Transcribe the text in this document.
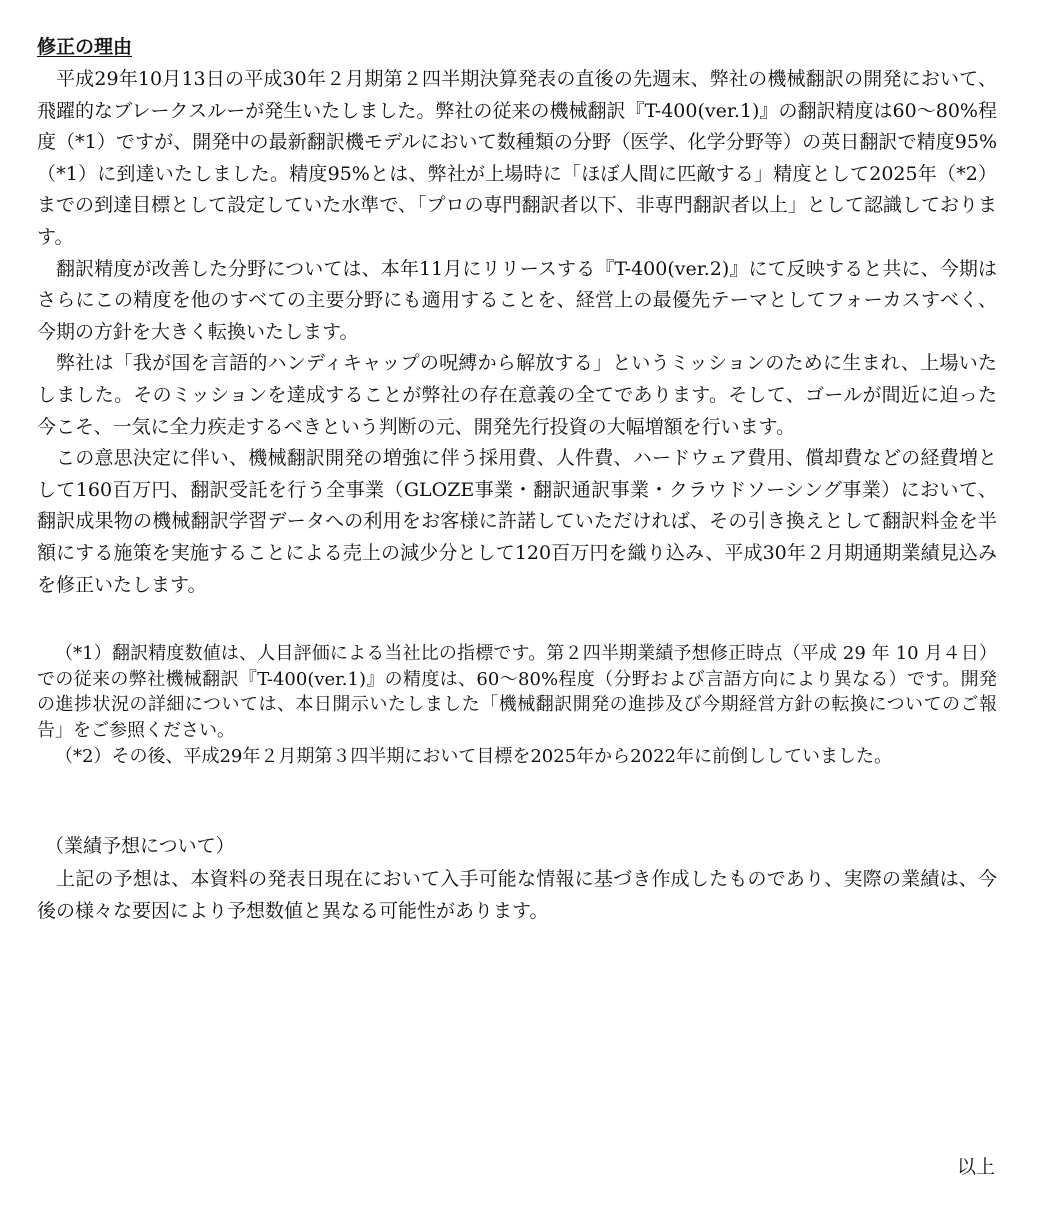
修正の理由

平成29年10月13日の平成30年２月期第２四半期決算発表の直後の先週末、弊社の機械翻訳の開発において、飛躍的なブレークスルーが発生いたしました。弊社の従来の機械翻訳『T-400(ver.1)』の翻訳精度は60～80%程度（*1）ですが、開発中の最新翻訳機モデルにおいて数種類の分野（医学、化学分野等）の英日翻訳で精度95%（*1）に到達いたしました。精度95%とは、弊社が上場時に「ほぼ人間に匹敵する」精度として2025年（*2）までの到達目標として設定していた水準で、「プロの専門翻訳者以下、非専門翻訳者以上」として認識しております。

翻訳精度が改善した分野については、本年11月にリリースする『T-400(ver.2)』にて反映すると共に、今期はさらにこの精度を他のすべての主要分野にも適用することを、経営上の最優先テーマとしてフォーカスすべく、今期の方針を大きく転換いたします。

弊社は「我が国を言語的ハンディキャップの呪縛から解放する」というミッションのために生まれ、上場いたしました。そのミッションを達成することが弊社の存在意義の全てであります。そして、ゴールが間近に迫った今こそ、一気に全力疾走するべきという判断の元、開発先行投資の大幅増額を行います。

この意思決定に伴い、機械翻訳開発の増強に伴う採用費、人件費、ハードウェア費用、償却費などの経費増として160百万円、翻訳受託を行う全事業（GLOZE事業・翻訳通訳事業・クラウドソーシング事業）において、翻訳成果物の機械翻訳学習データへの利用をお客様に許諾していただければ、その引き換えとして翻訳料金を半額にする施策を実施することによる売上の減少分として120百万円を織り込み、平成30年２月期通期業績見込みを修正いたします。

（*1）翻訳精度数値は、人目評価による当社比の指標です。第２四半期業績予想修正時点（平成 29 年 10 月４日）での従来の弊社機械翻訳『T-400(ver.1)』の精度は、60～80%程度（分野および言語方向により異なる）です。開発の進捗状況の詳細については、本日開示いたしました「機械翻訳開発の進捗及び今期経営方針の転換についてのご報告」をご参照ください。

（*2）その後、平成29年２月期第３四半期において目標を2025年から2022年に前倒ししていました。

（業績予想について）

上記の予想は、本資料の発表日現在において入手可能な情報に基づき作成したものであり、実際の業績は、今後の様々な要因により予想数値と異なる可能性があります。

以上
